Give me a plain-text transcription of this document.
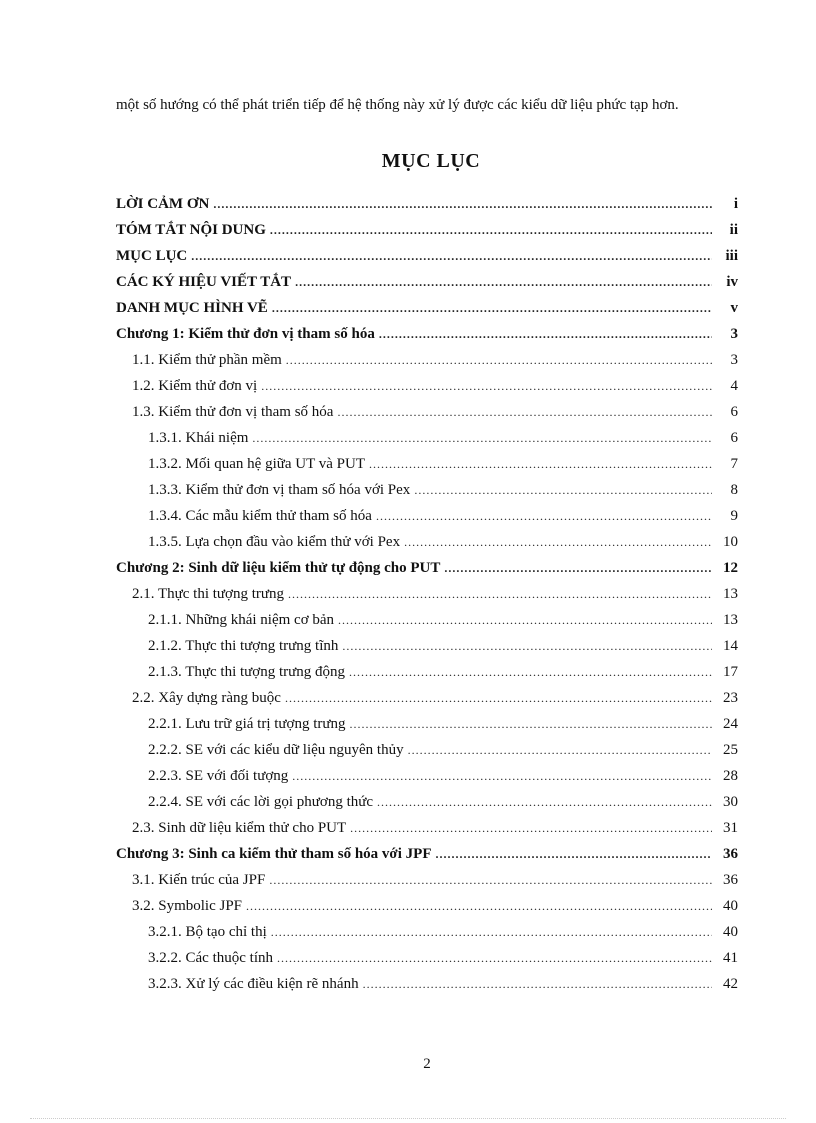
một số hướng có thể phát triển tiếp để hệ thống này xử lý được các kiểu dữ liệu phức tạp hơn.
MỤC LỤC
LỜI CẢM ƠN .....	i
TÓM TẮT NỘI DUNG .....	ii
MỤC LỤC .....	iii
CÁC KÝ HIỆU VIẾT TẮT .....	iv
DANH MỤC HÌNH VẼ .....	v
Chương 1: Kiểm thử đơn vị tham số hóa .....	3
1.1. Kiểm thử phần mềm .....	3
1.2. Kiểm thử đơn vị .....	4
1.3. Kiểm thử đơn vị tham số hóa .....	6
1.3.1. Khái niệm .....	6
1.3.2. Mối quan hệ giữa UT và PUT .....	7
1.3.3. Kiểm thử đơn vị tham số hóa với Pex .....	8
1.3.4. Các mẫu kiểm thử tham số hóa .....	9
1.3.5. Lựa chọn đầu vào kiểm thử với Pex .....	10
Chương 2: Sinh dữ liệu kiểm thử tự động cho PUT .....	12
2.1. Thực thi tượng trưng .....	13
2.1.1. Những khái niệm cơ bản .....	13
2.1.2. Thực thi tượng trưng tĩnh .....	14
2.1.3. Thực thi tượng trưng động .....	17
2.2. Xây dựng ràng buộc .....	23
2.2.1. Lưu trữ giá trị tượng trưng .....	24
2.2.2. SE với các kiểu dữ liệu nguyên thủy .....	25
2.2.3. SE với đối tượng .....	28
2.2.4. SE với các lời gọi phương thức .....	30
2.3. Sinh dữ liệu kiểm thử cho PUT .....	31
Chương 3: Sinh ca kiểm thử tham số hóa với JPF .....	36
3.1. Kiến trúc của JPF .....	36
3.2. Symbolic JPF .....	40
3.2.1. Bộ tạo chỉ thị .....	40
3.2.2. Các thuộc tính .....	41
3.2.3. Xử lý các điều kiện rẽ nhánh .....	42
2
